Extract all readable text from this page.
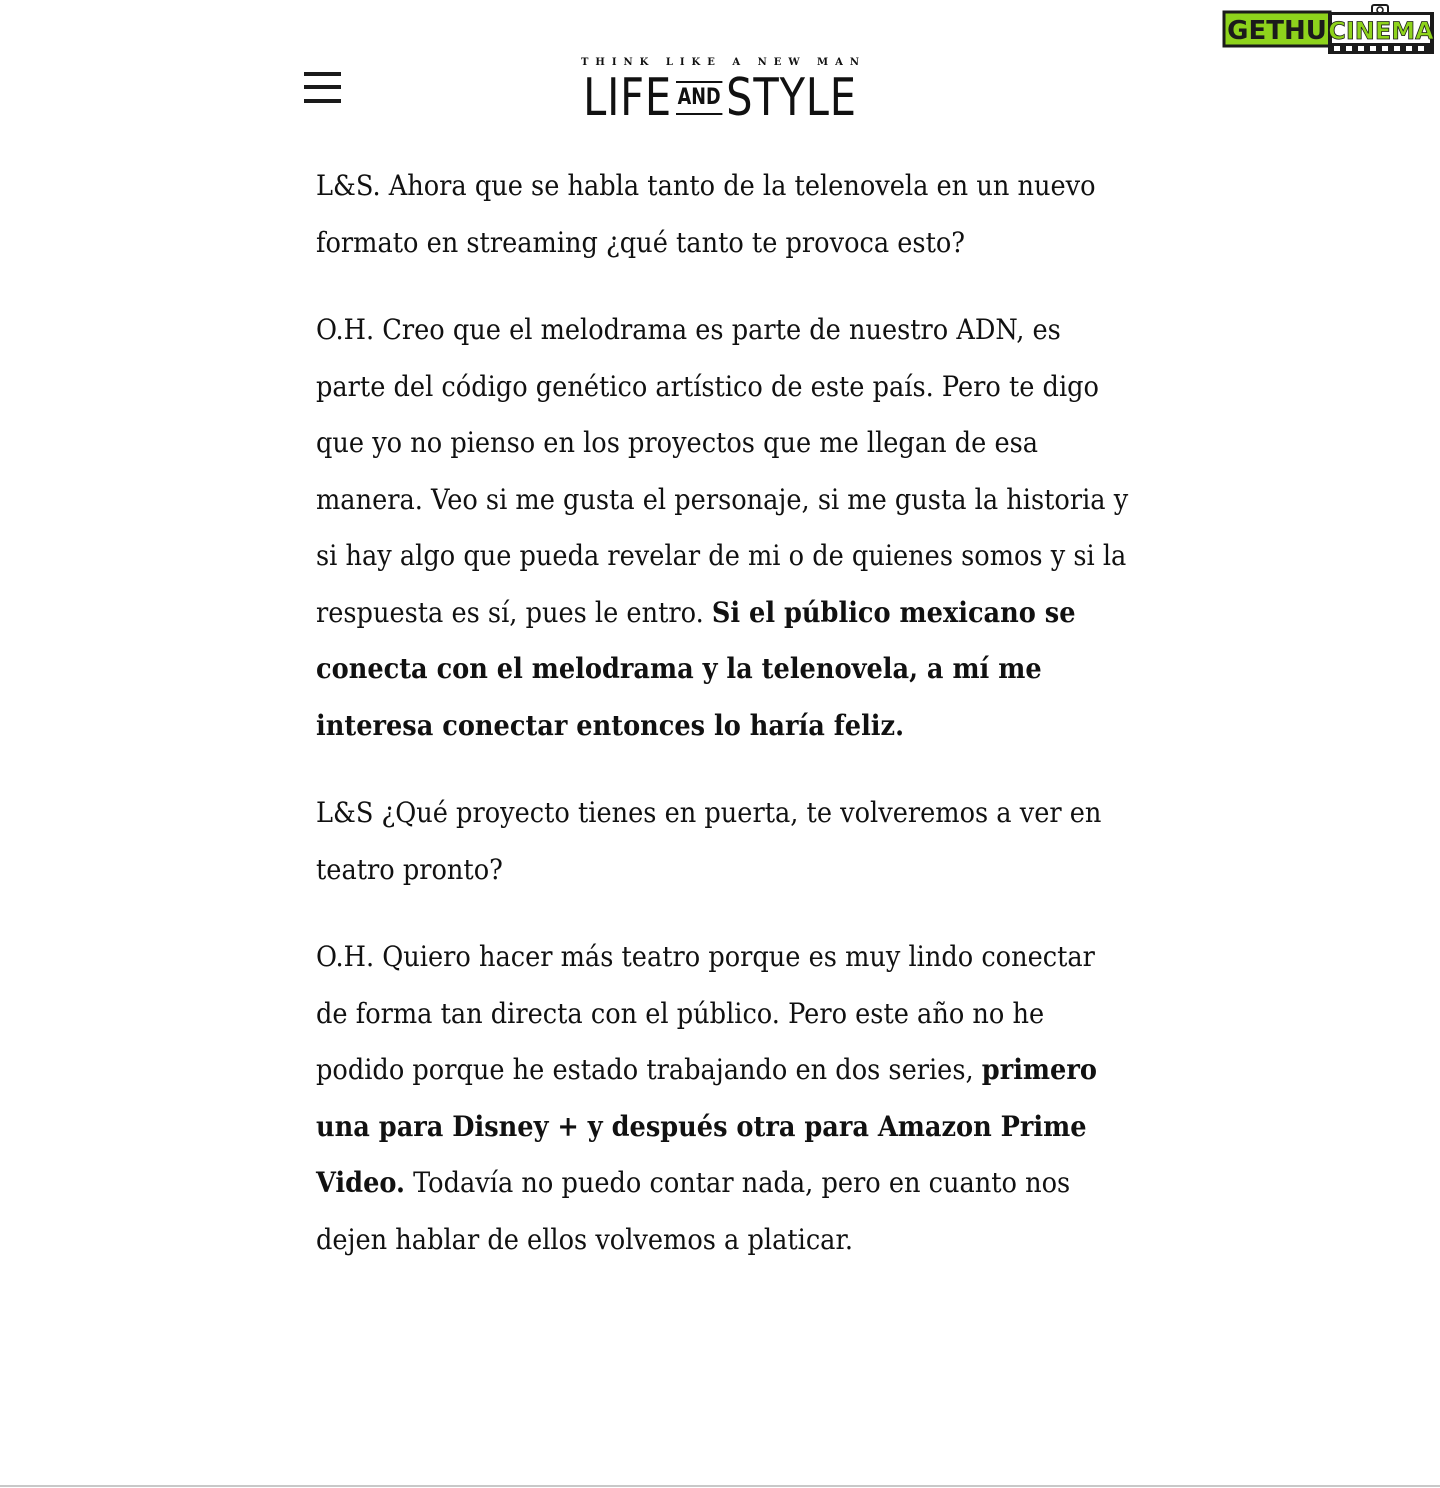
GETHU CINEMA
THINK LIKE A NEW MAN
LIFE AND STYLE

L&S. Ahora que se habla tanto de la telenovela en un nuevo formato en streaming ¿qué tanto te provoca esto?

O.H. Creo que el melodrama es parte de nuestro ADN, es parte del código genético artístico de este país. Pero te digo que yo no pienso en los proyectos que me llegan de esa manera. Veo si me gusta el personaje, si me gusta la historia y si hay algo que pueda revelar de mi o de quienes somos y si la respuesta es sí, pues le entro. Si el público mexicano se conecta con el melodrama y la telenovela, a mí me interesa conectar entonces lo haría feliz.

L&S ¿Qué proyecto tienes en puerta, te volveremos a ver en teatro pronto?

O.H. Quiero hacer más teatro porque es muy lindo conectar de forma tan directa con el público. Pero este año no he podido porque he estado trabajando en dos series, primero una para Disney + y después otra para Amazon Prime Video. Todavía no puedo contar nada, pero en cuanto nos dejen hablar de ellos volvemos a platicar.
